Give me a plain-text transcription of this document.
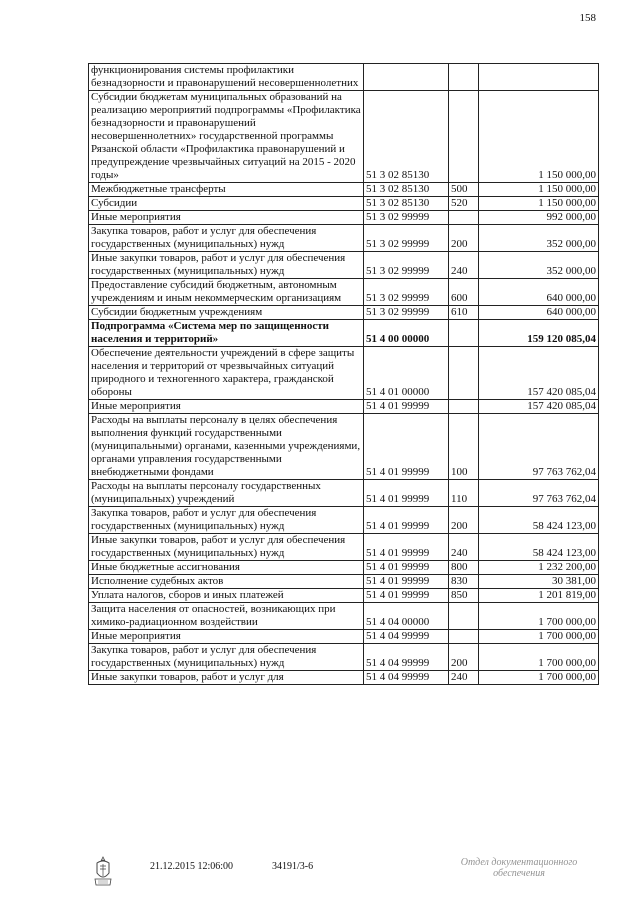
158
функционирования системы профилактики безнадзорности и правонарушений несовершеннолетних			
Субсидии бюджетам муниципальных образований на реализацию мероприятий подпрограммы «Профилактика безнадзорности и правонарушений несовершеннолетних» государственной программы Рязанской области «Профилактика правонарушений и предупреждение чрезвычайных ситуаций на 2015 - 2020 годы»	51 3 02 85130		1 150 000,00
Межбюджетные трансферты	51 3 02 85130	500	1 150 000,00
Субсидии	51 3 02 85130	520	1 150 000,00
Иные мероприятия	51 3 02 99999		992 000,00
Закупка товаров, работ и услуг для обеспечения государственных (муниципальных) нужд	51 3 02 99999	200	352 000,00
Иные закупки товаров, работ и услуг для обеспечения государственных (муниципальных) нужд	51 3 02 99999	240	352 000,00
Предоставление субсидий бюджетным, автономным учреждениям и иным некоммерческим организациям	51 3 02 99999	600	640 000,00
Субсидии бюджетным учреждениям	51 3 02 99999	610	640 000,00
Подпрограмма «Система мер по защищенности населения и территорий»	51 4 00 00000		159 120 085,04
Обеспечение деятельности учреждений в сфере защиты населения и территорий от чрезвычайных ситуаций природного и техногенного характера, гражданской обороны	51 4 01 00000		157 420 085,04
Иные мероприятия	51 4 01 99999		157 420 085,04
Расходы на выплаты персоналу в целях обеспечения выполнения функций государственными (муниципальными) органами, казенными учреждениями, органами управления государственными внебюджетными фондами	51 4 01 99999	100	97 763 762,04
Расходы на выплаты персоналу государственных (муниципальных) учреждений	51 4 01 99999	110	97 763 762,04
Закупка товаров, работ и услуг для обеспечения государственных (муниципальных) нужд	51 4 01 99999	200	58 424 123,00
Иные закупки товаров, работ и услуг для обеспечения государственных (муниципальных) нужд	51 4 01 99999	240	58 424 123,00
Иные бюджетные ассигнования	51 4 01 99999	800	1 232 200,00
Исполнение судебных актов	51 4 01 99999	830	30 381,00
Уплата налогов, сборов и иных платежей	51 4 01 99999	850	1 201 819,00
Защита населения от опасностей, возникающих при химико-радиационном воздействии	51 4 04 00000		1 700 000,00
Иные мероприятия	51 4 04 99999		1 700 000,00
Закупка товаров, работ и услуг для обеспечения государственных (муниципальных) нужд	51 4 04 99999	200	1 700 000,00
Иные закупки товаров, работ и услуг для	51 4 04 99999	240	1 700 000,00
21.12.2015 12:06:00	34191/3-6	Отдел документационного
обеспечения
